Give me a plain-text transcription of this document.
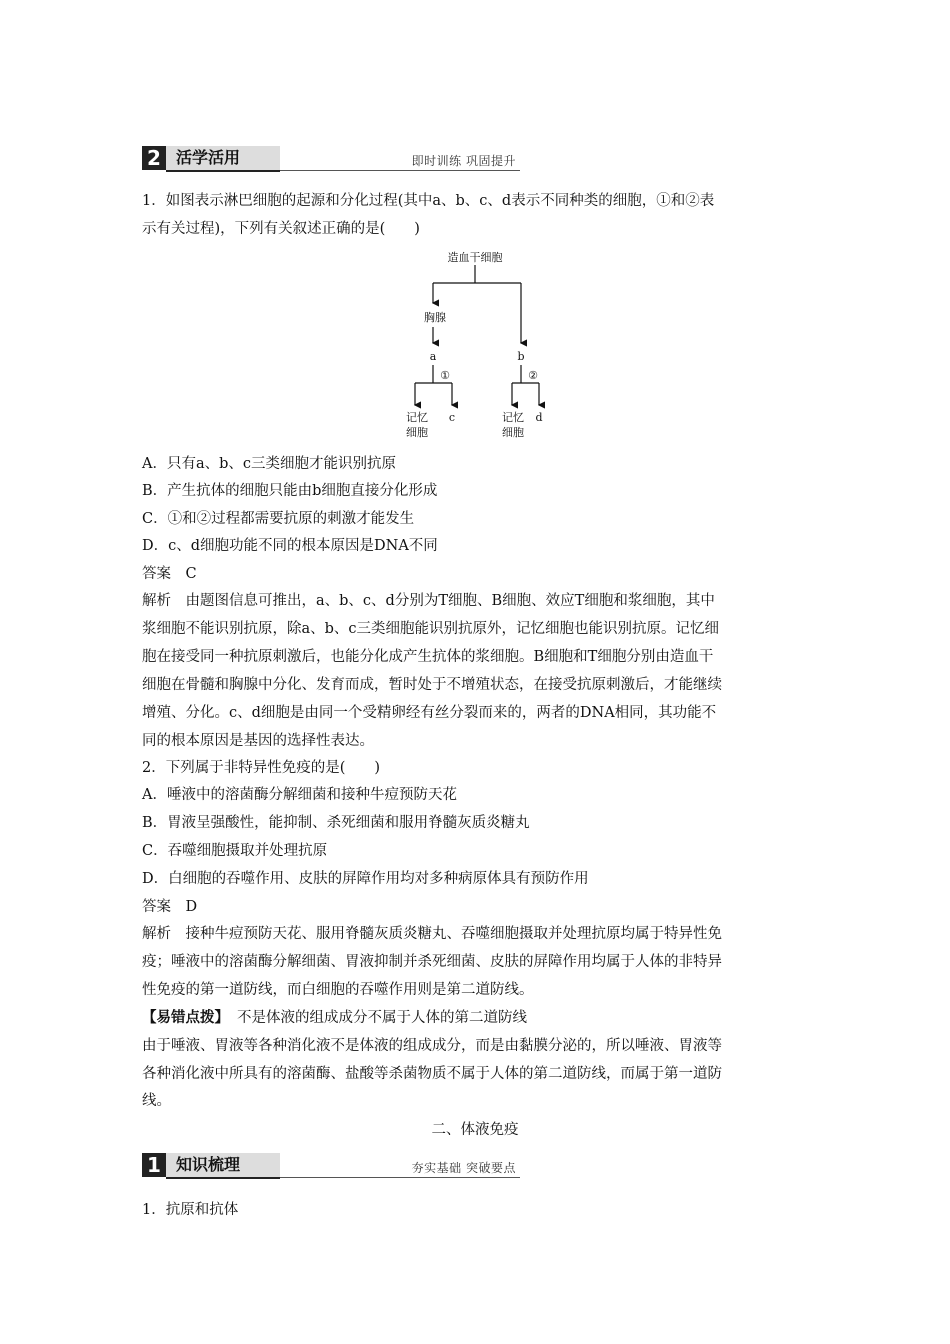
2 活学活用	即时训练 巩固提升
1．如图表示淋巴细胞的起源和分化过程(其中a、b、c、d表示不同种类的细胞，①和②表
示有关过程)，下列有关叙述正确的是(　　)
造血干细胞
胸腺
a	b
①	②
记忆
细胞
c	记忆
细胞
d
A．只有a、b、c三类细胞才能识别抗原
B．产生抗体的细胞只能由b细胞直接分化形成
C．①和②过程都需要抗原的刺激才能发生
D．c、d细胞功能不同的根本原因是DNA不同
答案　C
解析　由题图信息可推出，a、b、c、d分别为T细胞、B细胞、效应T细胞和浆细胞，其中
浆细胞不能识别抗原，除a、b、c三类细胞能识别抗原外，记忆细胞也能识别抗原。记忆细
胞在接受同一种抗原刺激后，也能分化成产生抗体的浆细胞。B细胞和T细胞分别由造血干
细胞在骨髓和胸腺中分化、发育而成，暂时处于不增殖状态，在接受抗原刺激后，才能继续
增殖、分化。c、d细胞是由同一个受精卵经有丝分裂而来的，两者的DNA相同，其功能不
同的根本原因是基因的选择性表达。
2．下列属于非特异性免疫的是(　　)
A．唾液中的溶菌酶分解细菌和接种牛痘预防天花
B．胃液呈强酸性，能抑制、杀死细菌和服用脊髓灰质炎糖丸
C．吞噬细胞摄取并处理抗原
D．白细胞的吞噬作用、皮肤的屏障作用均对多种病原体具有预防作用
答案　D
解析　接种牛痘预防天花、服用脊髓灰质炎糖丸、吞噬细胞摄取并处理抗原均属于特异性免
疫；唾液中的溶菌酶分解细菌、胃液抑制并杀死细菌、皮肤的屏障作用均属于人体的非特异
性免疫的第一道防线，而白细胞的吞噬作用则是第二道防线。
【易错点拨】 不是体液的组成成分不属于人体的第二道防线
由于唾液、胃液等各种消化液不是体液的组成成分，而是由黏膜分泌的，所以唾液、胃液等
各种消化液中所具有的溶菌酶、盐酸等杀菌物质不属于人体的第二道防线，而属于第一道防
线。
二、体液免疫
1 知识梳理	夯实基础 突破要点
1．抗原和抗体
